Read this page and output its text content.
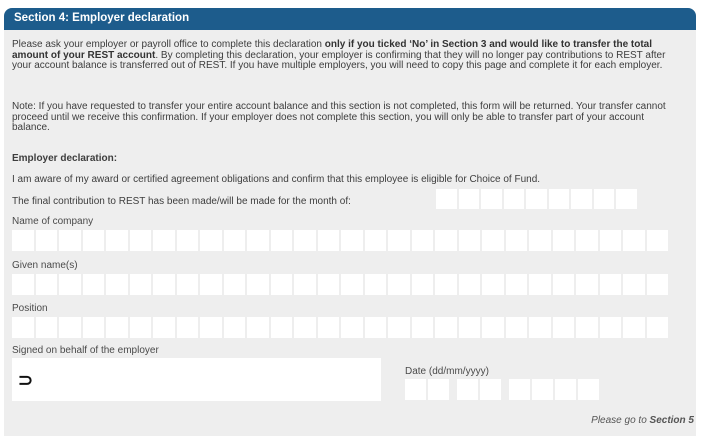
Section 4: Employer declaration
Please ask your employer or payroll office to complete this declaration only if you ticked ‘No’ in Section 3 and would like to transfer the total amount of your REST account. By completing this declaration, your employer is confirming that they will no longer pay contributions to REST after your account balance is transferred out of REST. If you have multiple employers, you will need to copy this page and complete it for each employer.
Note: If you have requested to transfer your entire account balance and this section is not completed, this form will be returned. Your transfer cannot proceed until we receive this confirmation. If your employer does not complete this section, you will only be able to transfer part of your account balance.
Employer declaration:
I am aware of my award or certified agreement obligations and confirm that this employee is eligible for Choice of Fund.
The final contribution to REST has been made/will be made for the month of:
Name of company
Given name(s)
Position
Signed on behalf of the employer
⊃	Date (dd/mm/yyyy)
Please go to Section 5
